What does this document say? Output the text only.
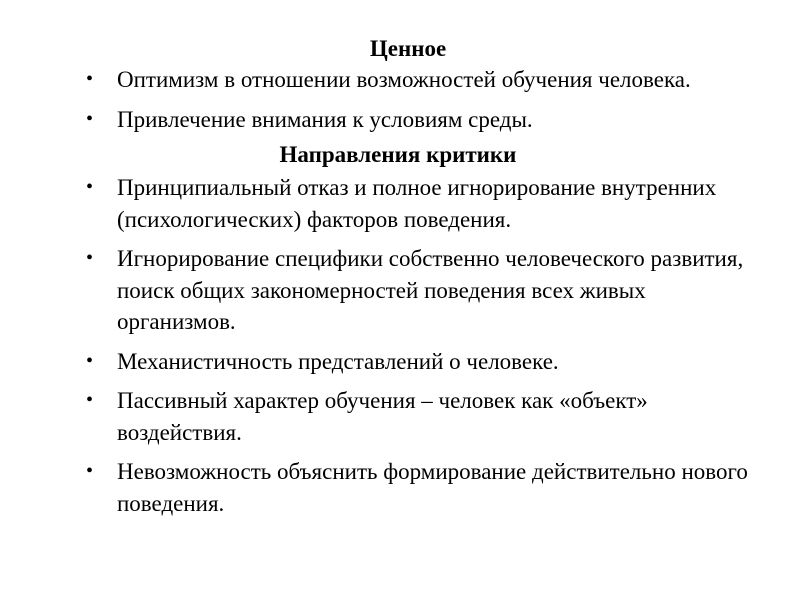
Ценное
• Оптимизм в отношении возможностей обучения человека.
• Привлечение внимания к условиям среды.
Направления критики
• Принципиальный отказ и полное игнорирование внутренних (психологических) факторов поведения.
• Игнорирование специфики собственно человеческого развития, поиск общих закономерностей поведения всех живых организмов.
• Механистичность представлений о человеке.
• Пассивный характер обучения – человек как «объект» воздействия.
• Невозможность объяснить формирование действительно нового поведения.
